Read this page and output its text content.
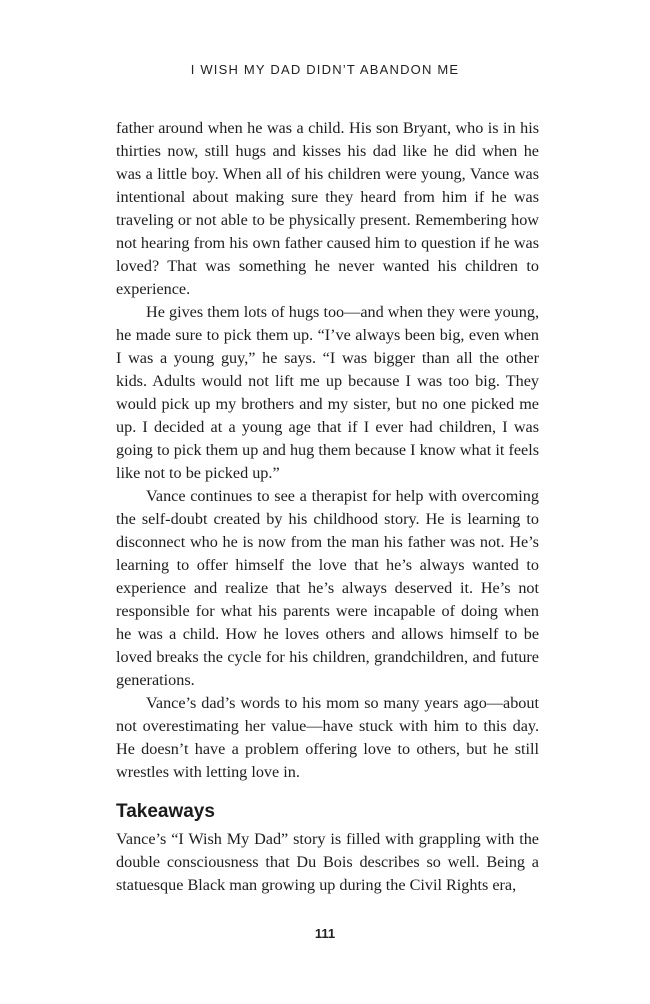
I WISH MY DAD DIDN’T ABANDON ME

father around when he was a child. His son Bryant, who is in his thirties now, still hugs and kisses his dad like he did when he was a little boy. When all of his children were young, Vance was intentional about making sure they heard from him if he was traveling or not able to be physically present. Remembering how not hearing from his own father caused him to question if he was loved? That was something he never wanted his children to experience.

He gives them lots of hugs too—and when they were young, he made sure to pick them up. “I’ve always been big, even when I was a young guy,” he says. “I was bigger than all the other kids. Adults would not lift me up because I was too big. They would pick up my brothers and my sister, but no one picked me up. I decided at a young age that if I ever had children, I was going to pick them up and hug them because I know what it feels like not to be picked up.”

Vance continues to see a therapist for help with overcoming the self-doubt created by his childhood story. He is learning to disconnect who he is now from the man his father was not. He’s learning to offer himself the love that he’s always wanted to experience and realize that he’s always deserved it. He’s not responsible for what his parents were incapable of doing when he was a child. How he loves others and allows himself to be loved breaks the cycle for his children, grandchildren, and future generations.

Vance’s dad’s words to his mom so many years ago—about not overestimating her value—have stuck with him to this day. He doesn’t have a problem offering love to others, but he still wrestles with letting love in.

Takeaways

Vance’s “I Wish My Dad” story is filled with grappling with the double consciousness that Du Bois describes so well. Being a statuesque Black man growing up during the Civil Rights era,

111
